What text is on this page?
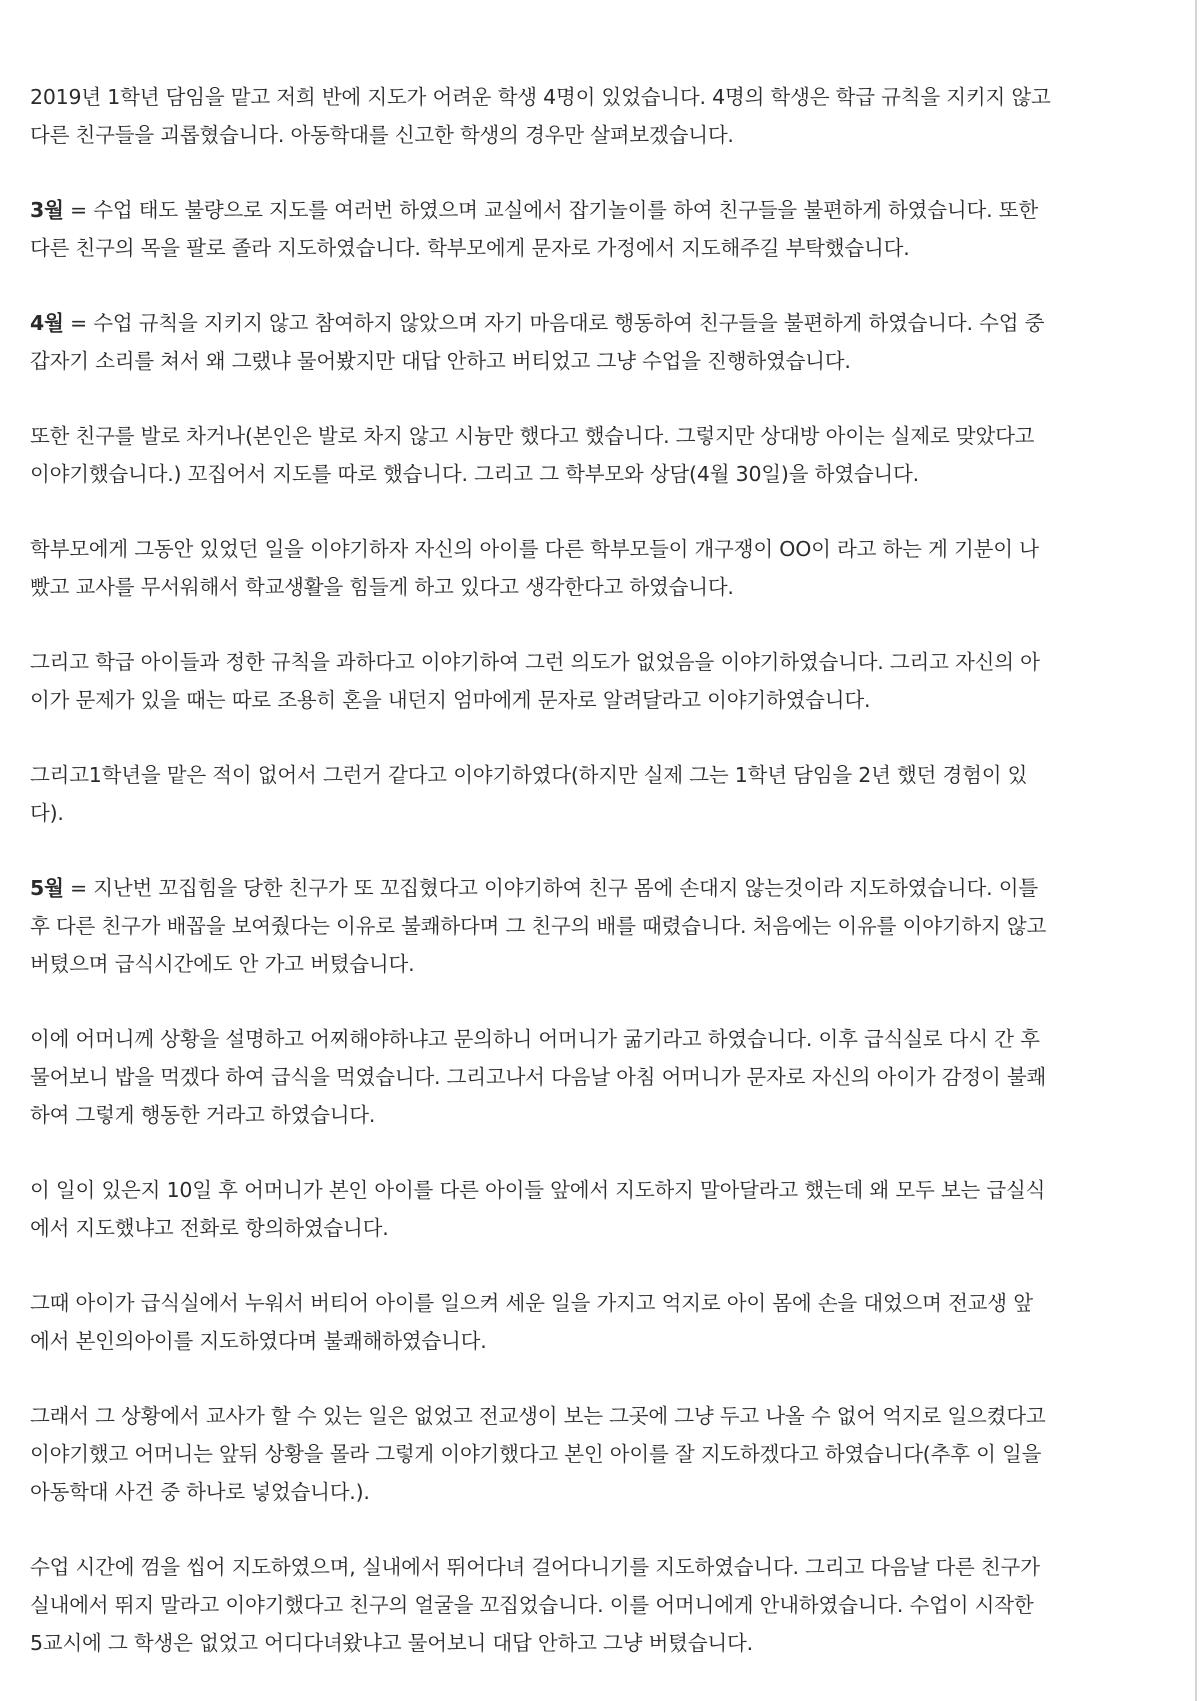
2019년 1학년 담임을 맡고 저희 반에 지도가 어려운 학생 4명이 있었습니다. 4명의 학생은 학급 규칙을 지키지 않고
다른 친구들을 괴롭혔습니다. 아동학대를 신고한 학생의 경우만 살펴보겠습니다.

3월 = 수업 태도 불량으로 지도를 여러번 하였으며 교실에서 잡기놀이를 하여 친구들을 불편하게 하였습니다. 또한
다른 친구의 목을 팔로 졸라 지도하였습니다. 학부모에게 문자로 가정에서 지도해주길 부탁했습니다.

4월 = 수업 규칙을 지키지 않고 참여하지 않았으며 자기 마음대로 행동하여 친구들을 불편하게 하였습니다. 수업 중
갑자기 소리를 쳐서 왜 그랬냐 물어봤지만 대답 안하고 버티었고 그냥 수업을 진행하였습니다.

또한 친구를 발로 차거나(본인은 발로 차지 않고 시늉만 했다고 했습니다. 그렇지만 상대방 아이는 실제로 맞았다고
이야기했습니다.) 꼬집어서 지도를 따로 했습니다. 그리고 그 학부모와 상담(4월 30일)을 하였습니다.

학부모에게 그동안 있었던 일을 이야기하자 자신의 아이를 다른 학부모들이 개구쟁이 OO이 라고 하는 게 기분이 나
빴고 교사를 무서워해서 학교생활을 힘들게 하고 있다고 생각한다고 하였습니다.

그리고 학급 아이들과 정한 규칙을 과하다고 이야기하여 그런 의도가 없었음을 이야기하였습니다. 그리고 자신의 아
이가 문제가 있을 때는 따로 조용히 혼을 내던지 엄마에게 문자로 알려달라고 이야기하였습니다.

그리고1학년을 맡은 적이 없어서 그런거 같다고 이야기하였다(하지만 실제 그는 1학년 담임을 2년 했던 경험이 있
다).

5월 = 지난번 꼬집힘을 당한 친구가 또 꼬집혔다고 이야기하여 친구 몸에 손대지 않는것이라 지도하였습니다. 이틀
후 다른 친구가 배꼽을 보여줬다는 이유로 불쾌하다며 그 친구의 배를 때렸습니다. 처음에는 이유를 이야기하지 않고
버텼으며 급식시간에도 안 가고 버텼습니다.

이에 어머니께 상황을 설명하고 어찌해야하냐고 문의하니 어머니가 굶기라고 하였습니다. 이후 급식실로 다시 간 후
물어보니 밥을 먹겠다 하여 급식을 먹였습니다. 그리고나서 다음날 아침 어머니가 문자로 자신의 아이가 감정이 불쾌
하여 그렇게 행동한 거라고 하였습니다.

이 일이 있은지 10일 후 어머니가 본인 아이를 다른 아이들 앞에서 지도하지 말아달라고 했는데 왜 모두 보는 급실식
에서 지도했냐고 전화로 항의하였습니다.

그때 아이가 급식실에서 누워서 버티어 아이를 일으켜 세운 일을 가지고 억지로 아이 몸에 손을 대었으며 전교생 앞
에서 본인의아이를 지도하였다며 불쾌해하였습니다.

그래서 그 상황에서 교사가 할 수 있는 일은 없었고 전교생이 보는 그곳에 그냥 두고 나올 수 없어 억지로 일으켰다고
이야기했고 어머니는 앞뒤 상황을 몰라 그렇게 이야기했다고 본인 아이를 잘 지도하겠다고 하였습니다(추후 이 일을
아동학대 사건 중 하나로 넣었습니다.).

수업 시간에 껌을 씹어 지도하였으며, 실내에서 뛰어다녀 걸어다니기를 지도하였습니다. 그리고 다음날 다른 친구가
실내에서 뛰지 말라고 이야기했다고 친구의 얼굴을 꼬집었습니다. 이를 어머니에게 안내하였습니다. 수업이 시작한
5교시에 그 학생은 없었고 어디다녀왔냐고 물어보니 대답 안하고 그냥 버텼습니다.
